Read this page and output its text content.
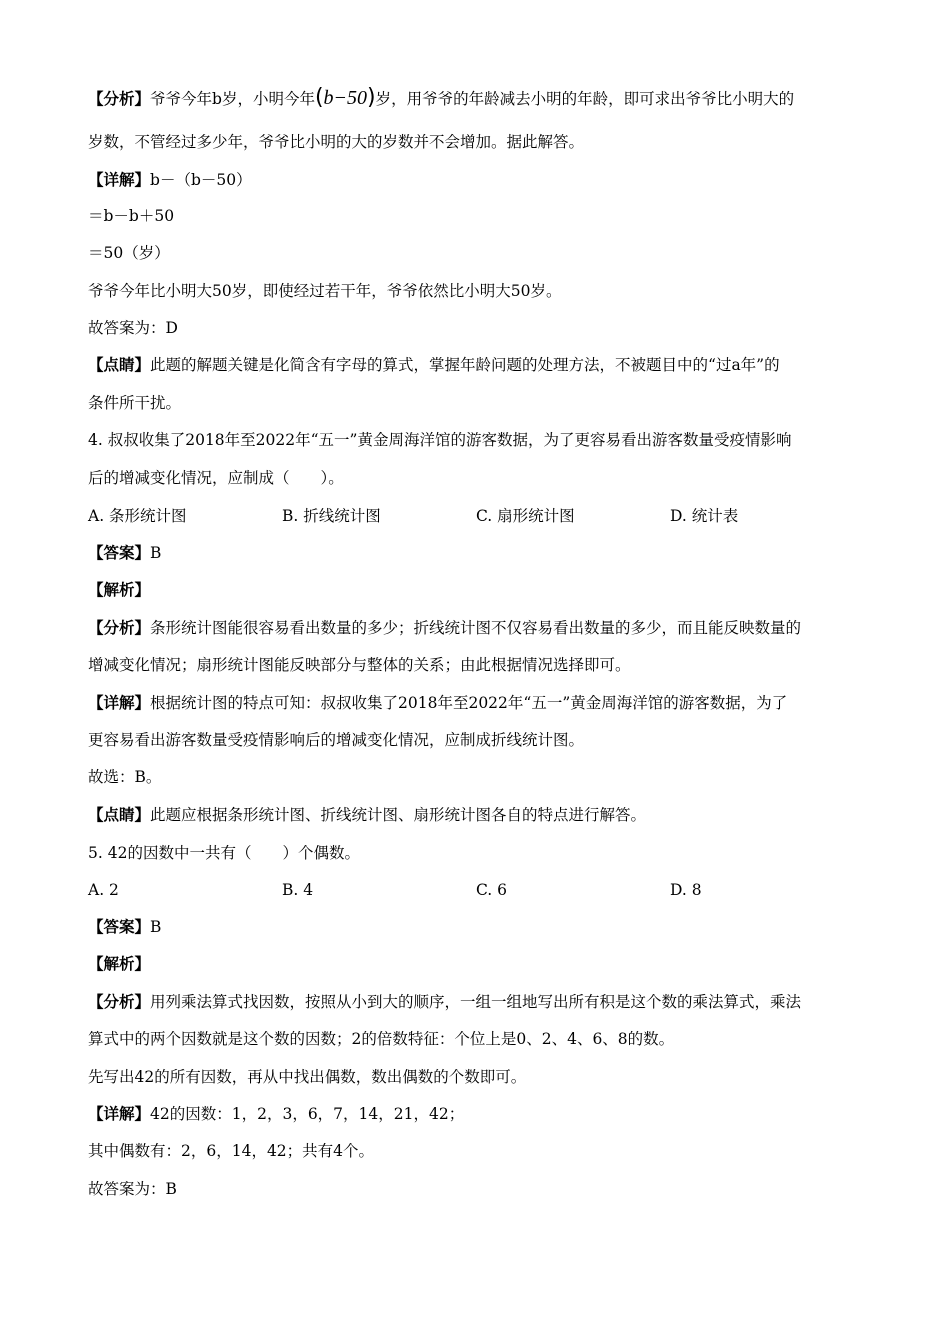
【分析】爷爷今年b岁，小明今年(b−50)岁，用爷爷的年龄减去小明的年龄，即可求出爷爷比小明大的
岁数，不管经过多少年，爷爷比小明的大的岁数并不会增加。据此解答。
【详解】b－（b－50）
＝b－b＋50
＝50（岁）
爷爷今年比小明大50岁，即使经过若干年，爷爷依然比小明大50岁。
故答案为：D
【点睛】此题的解题关键是化简含有字母的算式，掌握年龄问题的处理方法，不被题目中的“过a年”的
条件所干扰。
4. 叔叔收集了2018年至2022年“五一”黄金周海洋馆的游客数据，为了更容易看出游客数量受疫情影响
后的增减变化情况，应制成（　　）。
A. 条形统计图	B. 折线统计图	C. 扇形统计图	D. 统计表
【答案】B
【解析】
【分析】条形统计图能很容易看出数量的多少；折线统计图不仅容易看出数量的多少，而且能反映数量的
增减变化情况；扇形统计图能反映部分与整体的关系；由此根据情况选择即可。
【详解】根据统计图的特点可知：叔叔收集了2018年至2022年“五一”黄金周海洋馆的游客数据，为了
更容易看出游客数量受疫情影响后的增减变化情况，应制成折线统计图。
故选：B。
【点睛】此题应根据条形统计图、折线统计图、扇形统计图各自的特点进行解答。
5. 42的因数中一共有（　　）个偶数。
A. 2	B. 4	C. 6	D. 8
【答案】B
【解析】
【分析】用列乘法算式找因数，按照从小到大的顺序，一组一组地写出所有积是这个数的乘法算式，乘法
算式中的两个因数就是这个数的因数；2的倍数特征：个位上是0、2、4、6、8的数。
先写出42的所有因数，再从中找出偶数，数出偶数的个数即可。
【详解】42的因数：1，2，3，6，7，14，21，42；
其中偶数有：2，6，14，42；共有4个。
故答案为：B
